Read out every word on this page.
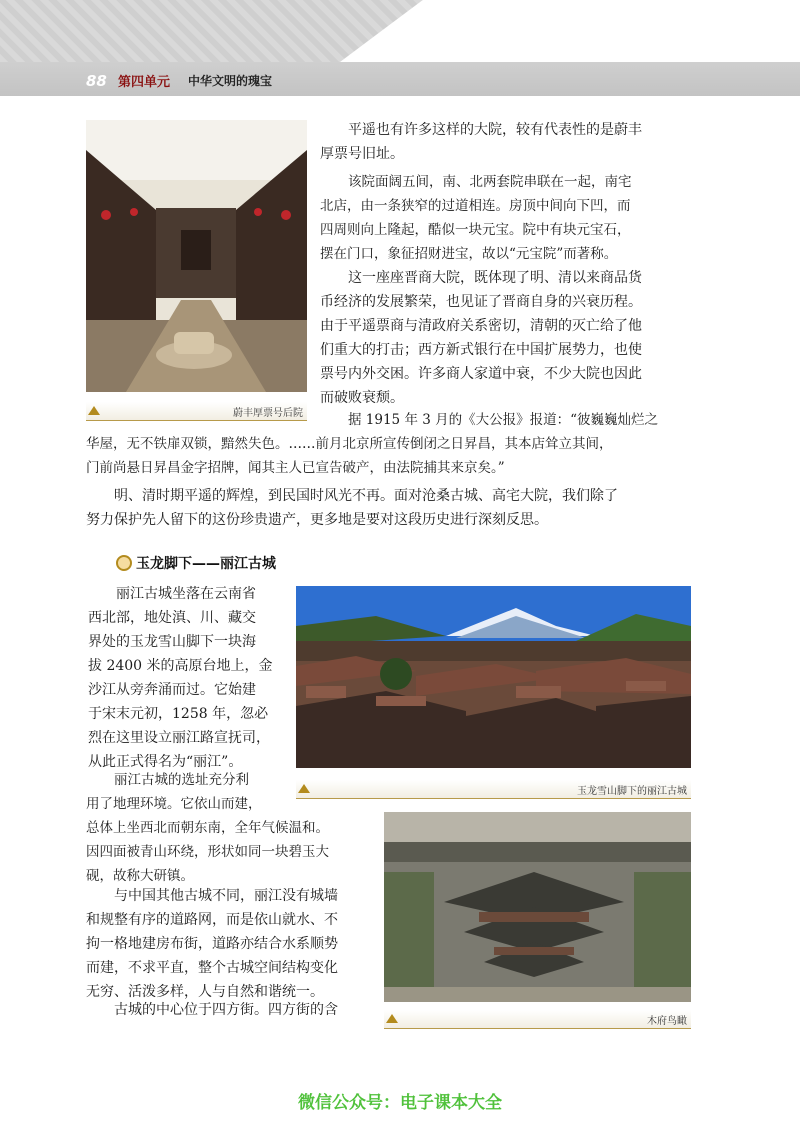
88 第四单元 中华文明的瑰宝
蔚丰厚票号后院

平遥也有许多这样的大院，较有代表性的是蔚丰
厚票号旧址。

该院面阔五间，南、北两套院串联在一起，南宅
北店，由一条狭窄的过道相连。房顶中间向下凹，而
四周则向上隆起，酷似一块元宝。院中有块元宝石，
摆在门口，象征招财进宝，故以“元宝院”而著称。

这一座座晋商大院，既体现了明、清以来商品货
币经济的发展繁荣，也见证了晋商自身的兴衰历程。
由于平遥票商与清政府关系密切，清朝的灭亡给了他
们重大的打击；西方新式银行在中国扩展势力，也使
票号内外交困。许多商人家道中衰，不少大院也因此
而破败衰颓。

据 1915 年 3 月的《大公报》报道：“彼巍巍灿烂之
华屋，无不铁扉双锁，黯然失色。……前月北京所宣传倒闭之日昇昌，其本店耸立其间，
门前尚悬日昇昌金字招牌，闻其主人已宣告破产，由法院捕其来京矣。”

明、清时期平遥的辉煌，到民国时风光不再。面对沧桑古城、高宅大院，我们除了
努力保护先人留下的这份珍贵遗产，更多地是要对这段历史进行深刻反思。

玉龙脚下——丽江古城
玉龙雪山脚下的丽江古城

丽江古城坐落在云南省
西北部，地处滇、川、藏交
界处的玉龙雪山脚下一块海
拔 2400 米的高原台地上，金
沙江从旁奔涌而过。它始建
于宋末元初，1258 年，忽必
烈在这里设立丽江路宣抚司，
从此正式得名为“丽江”。

丽江古城的选址充分利
用了地理环境。它依山而建，
总体上坐西北而朝东南，全年气候温和。
因四面被青山环绕，形状如同一块碧玉大
砚，故称大研镇。

与中国其他古城不同，丽江没有城墙
和规整有序的道路网，而是依山就水、不
拘一格地建房布街，道路亦结合水系顺势
而建，不求平直，整个古城空间结构变化
无穷、活泼多样，人与自然和谐统一。

古城的中心位于四方街。四方街的含

木府鸟瞰
微信公众号：电子课本大全
